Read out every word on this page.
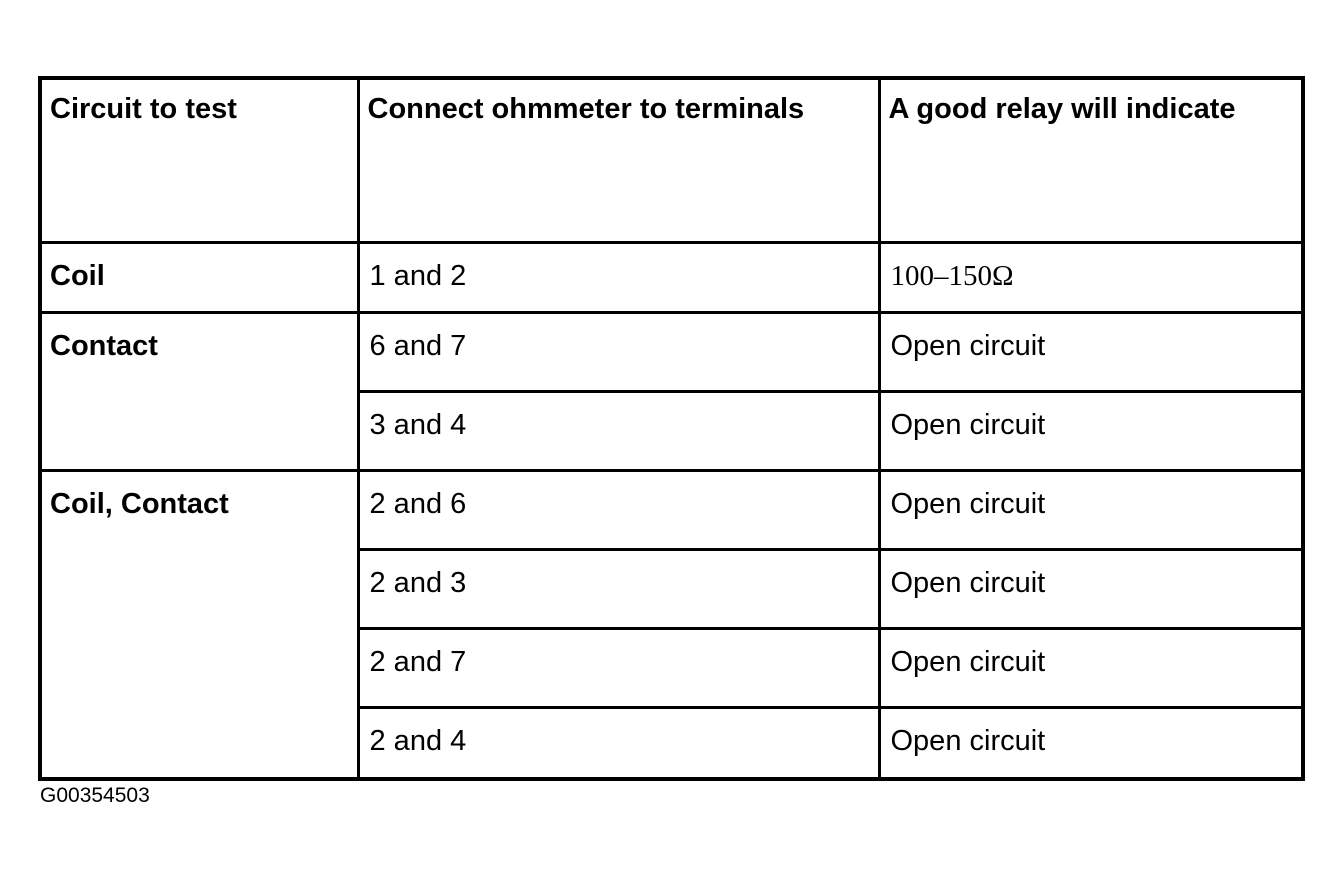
Circuit to test	Connect ohmmeter to terminals	A good relay will indicate
Coil	1 and 2	100–150Ω
Contact	6 and 7	Open circuit
	3 and 4	Open circuit
Coil, Contact	2 and 6	Open circuit
	2 and 3	Open circuit
	2 and 7	Open circuit
	2 and 4	Open circuit
G00354503
